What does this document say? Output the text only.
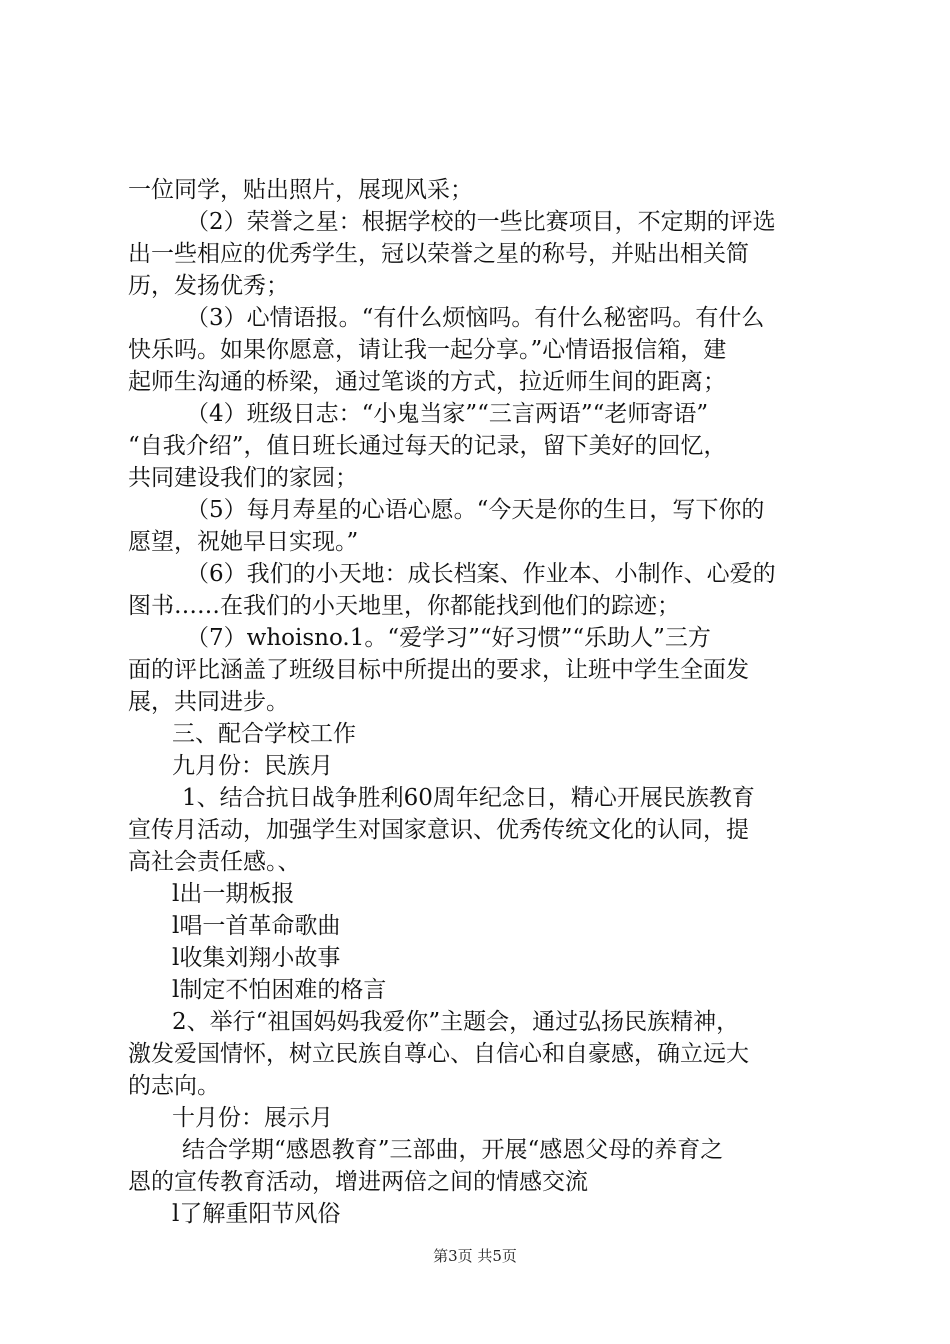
一位同学，贴出照片，展现风采；
（2）荣誉之星：根据学校的一些比赛项目，不定期的评选
出一些相应的优秀学生，冠以荣誉之星的称号，并贴出相关简
历，发扬优秀；
（3）心情语报。“有什么烦恼吗。有什么秘密吗。有什么
快乐吗。如果你愿意，请让我一起分享。”心情语报信箱，建
起师生沟通的桥梁，通过笔谈的方式，拉近师生间的距离；
（4）班级日志：“小鬼当家”“三言两语”“老师寄语”
“自我介绍”，值日班长通过每天的记录，留下美好的回忆，
共同建设我们的家园；
（5）每月寿星的心语心愿。“今天是你的生日，写下你的
愿望，祝她早日实现。”
（6）我们的小天地：成长档案、作业本、小制作、心爱的
图书……在我们的小天地里，你都能找到他们的踪迹；
（7）whoisno.1。“爱学习”“好习惯”“乐助人”三方
面的评比涵盖了班级目标中所提出的要求，让班中学生全面发
展，共同进步。
三、配合学校工作
九月份：民族月
1、结合抗日战争胜利60周年纪念日，精心开展民族教育
宣传月活动，加强学生对国家意识、优秀传统文化的认同，提
高社会责任感。、
l出一期板报
l唱一首革命歌曲
l收集刘翔小故事
l制定不怕困难的格言
2、举行“祖国妈妈我爱你”主题会，通过弘扬民族精神，
激发爱国情怀，树立民族自尊心、自信心和自豪感，确立远大
的志向。
十月份：展示月
结合学期“感恩教育”三部曲，开展“感恩父母的养育之
恩的宣传教育活动，增进两倍之间的情感交流
l了解重阳节风俗
第3页 共5页
